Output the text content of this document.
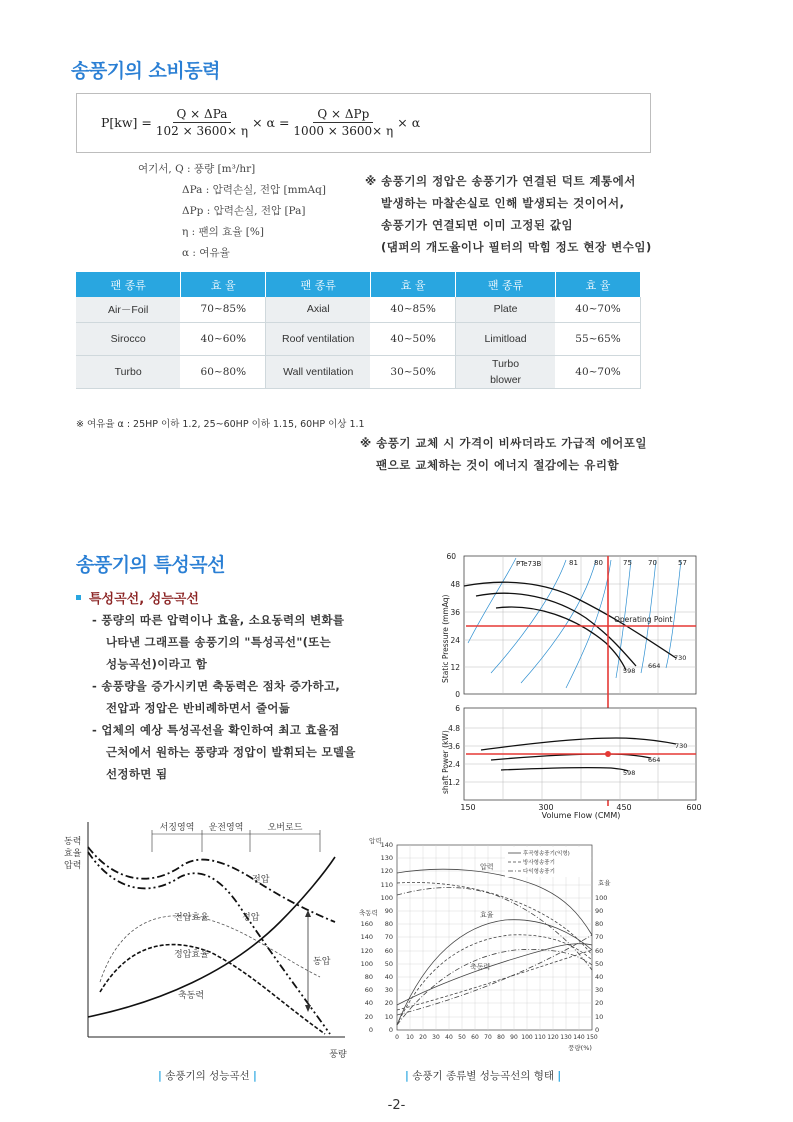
송풍기의 소비동력
$P[kw] = \frac{\text{Q × ΔPa}}{102 \times 3600\times \eta} \times \alpha = \frac{\text{Q × ΔPp}}{1000 \times 3600\times \eta} \times \alpha$
여기서, Q : 풍량 [m³/hr]
ΔPa : 압력손실, 전압 [mmAq]
ΔPp : 압력손실, 전압 [Pa]
η : 팬의 효율 [%]
α : 여유율
※ 송풍기의 정압은 송풍기가 연결된 덕트 계통에서
발생하는 마찰손실로 인해 발생되는 것이어서,
송풍기가 연결되면 이미 고정된 값임
(댐퍼의 개도율이나 필터의 막힘 정도 현장 변수임)
팬 종류	효 율	팬 종류	효 율	팬 종류	효 율
Air－Foil	70~85%	Axial	40~85%	Plate	40~70%
Sirocco	40~60%	Roof ventilation	40~50%	Limitload	55~65%
Turbo	60~80%	Wall ventilation	30~50%	Turbo blower	40~70%
※ 여유율 α : 25HP 이하 1.2, 25~60HP 이하 1.15, 60HP 이상 1.1
※ 송풍기 교체 시 가격이 비싸더라도 가급적 에어포일
팬으로 교체하는 것이 에너지 절감에는 유리함
송풍기의 특성곡선
특성곡선, 성능곡선
- 풍량의 따른 압력이나 효율, 소요동력의 변화를
나타낸 그래프를 송풍기의 "특성곡선"(또는
성능곡선)이라고 함
- 송풍량을 증가시키면 축동력은 점차 증가하고,
전압과 정압은 반비례하면서 줄어듦
- 업체의 예상 특성곡선을 확인하여 최고 효율점
근처에서 원하는 풍량과 정압이 발휘되는 모델을
선정하면 됨
PTe73B	81 80	75 70	57
Operating Point
730
664
598
60
48
36
24
12
0
Static Pressure (mmAq)
730
664
598
6
4.8
3.6
2.4
1.2
shaft Power (kW)
150	300	450	600
Volume Flow (CMM)
동력
효율
압력
서징영역 운전영역	오버로드
전압
전압효율	정압
정압효율
동압
축동력
풍량
| 송풍기의 성능곡선 |
후곡형송풍기(익형)
방사형송풍기
다익형송풍기
압력
효율
축동력
140
130
120
110
100
90
80
70
60
50
40
30
20
10
0
160
140
120
100
80
60
40
20
0
압력
축동력
효율
100
90
80
70
60
50
40
30
20
10
0
0 10 20 30 40 50 60 70 80 90 100 110 120 130 140 150
풍량(%)
| 송풍기 종류별 성능곡선의 형태 |
-2-
